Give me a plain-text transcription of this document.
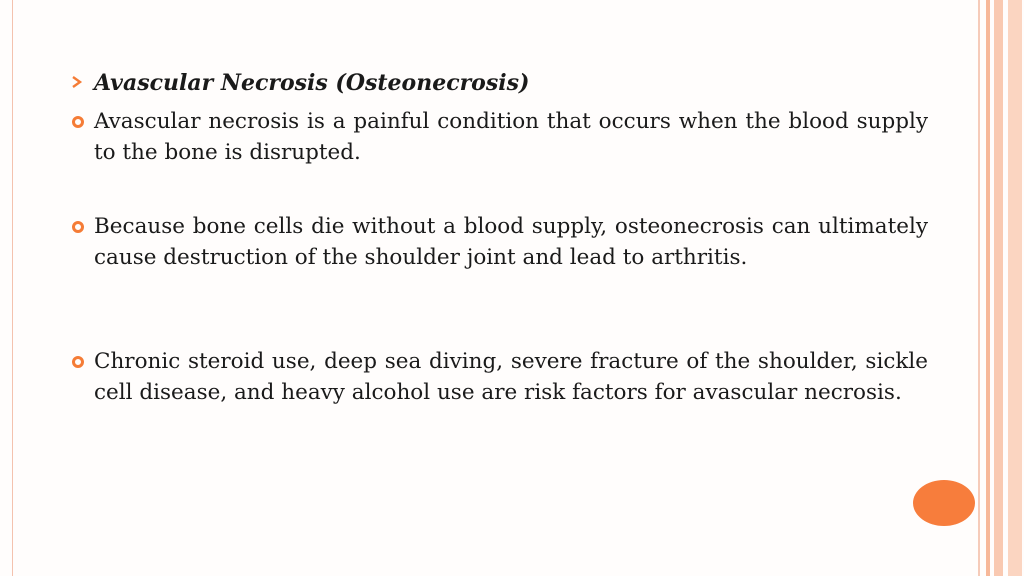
Avascular Necrosis (Osteonecrosis)
Avascular necrosis is a painful condition that occurs when the blood supply to the bone is disrupted.
Because bone cells die without a blood supply, osteonecrosis can ultimately cause destruction of the shoulder joint and lead to arthritis.
Chronic steroid use, deep sea diving, severe fracture of the shoulder, sickle cell disease, and heavy alcohol use are risk factors for avascular necrosis.
